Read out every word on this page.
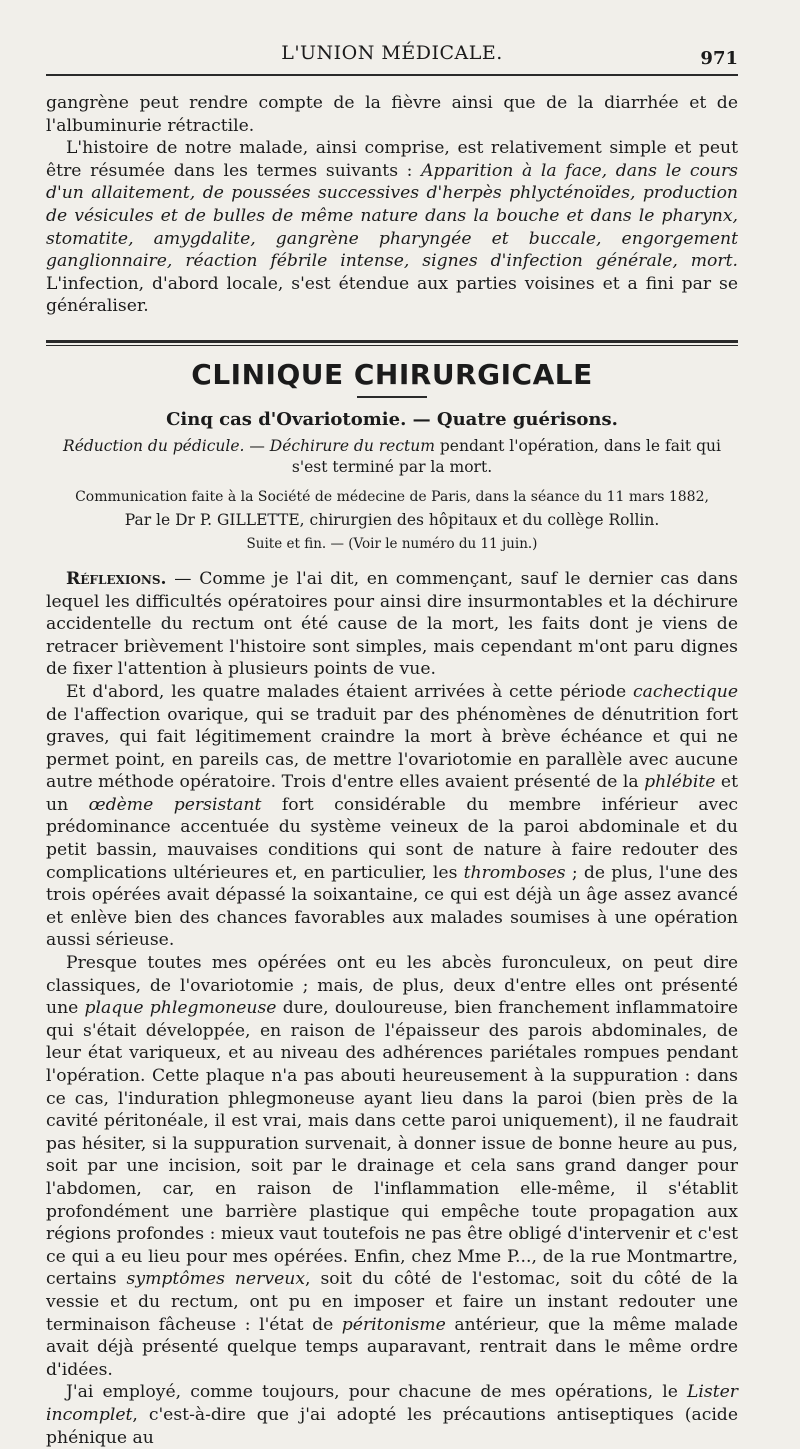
L'UNION MÉDICALE.	971

gangrène peut rendre compte de la fièvre ainsi que de la diarrhée et de l'albuminurie rétractile.

L'histoire de notre malade, ainsi comprise, est relativement simple et peut être résumée dans les termes suivants : Apparition à la face, dans le cours d'un allaitement, de poussées successives d'herpès phlycténoïdes, production de vésicules et de bulles de même nature dans la bouche et dans le pharynx, stomatite, amygdalite, gangrène pharyngée et buccale, engorgement ganglionnaire, réaction fébrile intense, signes d'infection générale, mort. L'infection, d'abord locale, s'est étendue aux parties voisines et a fini par se généraliser.

CLINIQUE CHIRURGICALE
Cinq cas d'Ovariotomie. — Quatre guérisons.
Réduction du pédicule. — Déchirure du rectum pendant l'opération, dans le fait qui s'est terminé par la mort.
Communication faite à la Société de médecine de Paris, dans la séance du 11 mars 1882,
Par le Dr P. GILLETTE, chirurgien des hôpitaux et du collège Rollin.
Suite et fin. — (Voir le numéro du 11 juin.)

Réflexions. — Comme je l'ai dit, en commençant, sauf le dernier cas dans lequel les difficultés opératoires pour ainsi dire insurmontables et la déchirure accidentelle du rectum ont été cause de la mort, les faits dont je viens de retracer brièvement l'histoire sont simples, mais cependant m'ont paru dignes de fixer l'attention à plusieurs points de vue.

Et d'abord, les quatre malades étaient arrivées à cette période cachectique de l'affection ovarique, qui se traduit par des phénomènes de dénutrition fort graves, qui fait légitimement craindre la mort à brève échéance et qui ne permet point, en pareils cas, de mettre l'ovariotomie en parallèle avec aucune autre méthode opératoire. Trois d'entre elles avaient présenté de la phlébite et un œdème persistant fort considérable du membre inférieur avec prédominance accentuée du système veineux de la paroi abdominale et du petit bassin, mauvaises conditions qui sont de nature à faire redouter des complications ultérieures et, en particulier, les thromboses ; de plus, l'une des trois opérées avait dépassé la soixantaine, ce qui est déjà un âge assez avancé et enlève bien des chances favorables aux malades soumises à une opération aussi sérieuse.

Presque toutes mes opérées ont eu les abcès furonculeux, on peut dire classiques, de l'ovariotomie ; mais, de plus, deux d'entre elles ont présenté une plaque phlegmoneuse dure, douloureuse, bien franchement inflammatoire qui s'était développée, en raison de l'épaisseur des parois abdominales, de leur état variqueux, et au niveau des adhérences pariétales rompues pendant l'opération. Cette plaque n'a pas abouti heureusement à la suppuration : dans ce cas, l'induration phlegmoneuse ayant lieu dans la paroi (bien près de la cavité péritonéale, il est vrai, mais dans cette paroi uniquement), il ne faudrait pas hésiter, si la suppuration survenait, à donner issue de bonne heure au pus, soit par une incision, soit par le drainage et cela sans grand danger pour l'abdomen, car, en raison de l'inflammation elle-même, il s'établit profondément une barrière plastique qui empêche toute propagation aux régions profondes : mieux vaut toutefois ne pas être obligé d'intervenir et c'est ce qui a eu lieu pour mes opérées. Enfin, chez Mme P..., de la rue Montmartre, certains symptômes nerveux, soit du côté de l'estomac, soit du côté de la vessie et du rectum, ont pu en imposer et faire un instant redouter une terminaison fâcheuse : l'état de péritonisme antérieur, que la même malade avait déjà présenté quelque temps auparavant, rentrait dans le même ordre d'idées.

J'ai employé, comme toujours, pour chacune de mes opérations, le Lister incomplet, c'est-à-dire que j'ai adopté les précautions antiseptiques (acide phénique au
